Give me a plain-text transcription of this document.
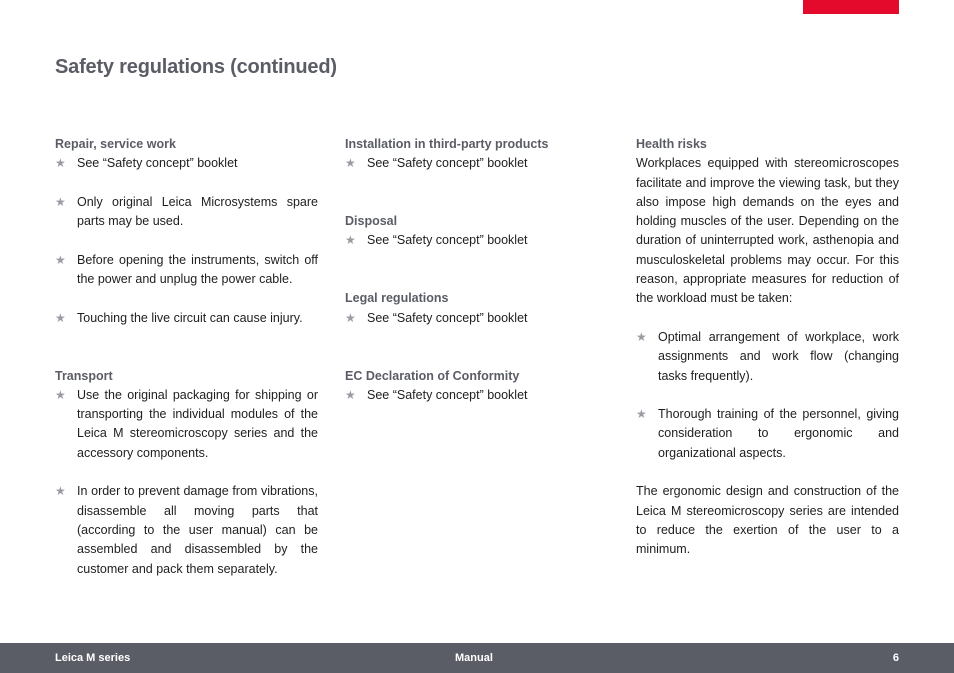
Safety regulations (continued)

Repair, service work

★ See “Safety concept” booklet
★ Only original Leica Microsystems spare parts may be used.
★ Before opening the instruments, switch off the power and unplug the power cable.
★ Touching the live circuit can cause injury.

Transport

★ Use the original packaging for shipping or transporting the individual modules of the Leica M stereomicroscopy series and the accessory components.
★ In order to prevent damage from vibrations, disassemble all moving parts that (according to the user manual) can be assembled and disassembled by the customer and pack them separately.

Installation in third-party products

★ See “Safety concept” booklet

Disposal

★ See “Safety concept” booklet

Legal regulations

★ See “Safety concept” booklet

EC Declaration of Conformity

★ See “Safety concept” booklet

Health risks

Workplaces equipped with stereomicroscopes facilitate and improve the viewing task, but they also impose high demands on the eyes and holding muscles of the user. Depending on the duration of uninterrupted work, asthenopia and musculoskeletal problems may occur. For this reason, appropriate measures for reduction of the workload must be taken:

★ Optimal arrangement of workplace, work assignments and work flow (changing tasks frequently).
★ Thorough training of the personnel, giving consideration to ergonomic and organizational aspects.

The ergonomic design and construction of the Leica M stereomicroscopy series are intended to reduce the exertion of the user to a minimum.

Leica M series	Manual	6
